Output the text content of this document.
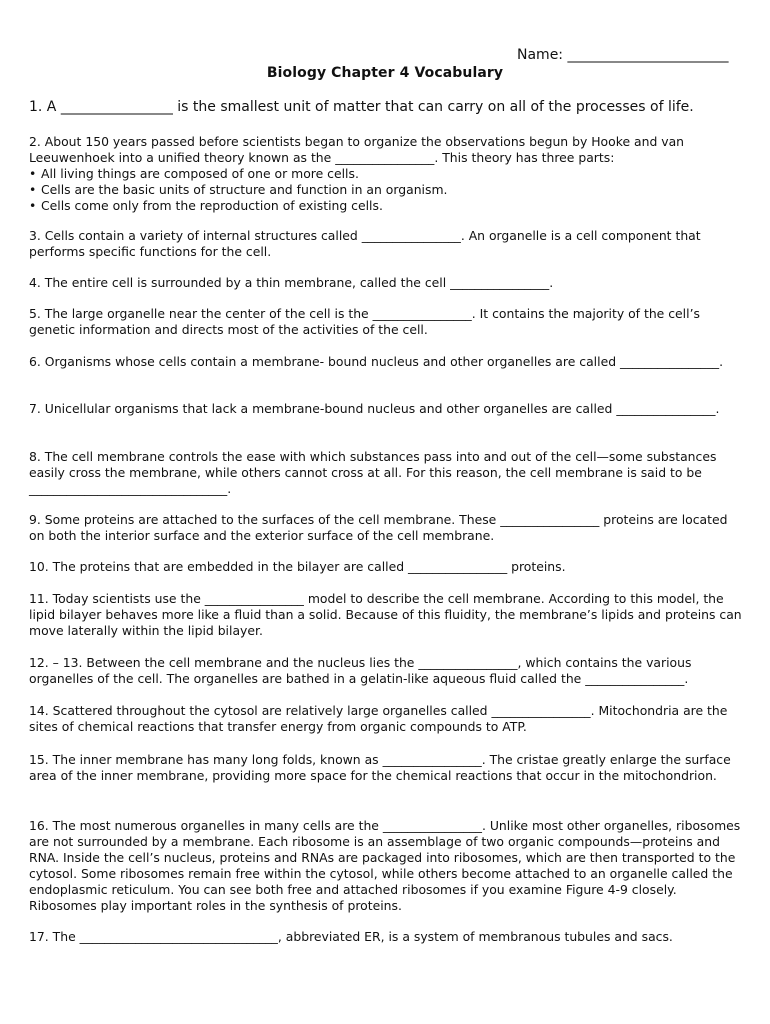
Name: _______________________
Biology Chapter 4 Vocabulary

1. A ________________ is the smallest unit of matter that can carry on all of the processes of life.

2. About 150 years passed before scientists began to organize the observations begun by Hooke and van Leeuwenhoek into a unified theory known as the ________________. This theory has three parts:
• All living things are composed of one or more cells.
• Cells are the basic units of structure and function in an organism.
• Cells come only from the reproduction of existing cells.

3. Cells contain a variety of internal structures called ________________. An organelle is a cell component that performs specific functions for the cell.

4. The entire cell is surrounded by a thin membrane, called the cell ________________.

5. The large organelle near the center of the cell is the ________________. It contains the majority of the cell’s genetic information and directs most of the activities of the cell.

6. Organisms whose cells contain a membrane- bound nucleus and other organelles are called ________________.

7. Unicellular organisms that lack a membrane-bound nucleus and other organelles are called ________________.

8. The cell membrane controls the ease with which substances pass into and out of the cell—some substances easily cross the membrane, while others cannot cross at all. For this reason, the cell membrane is said to be ________________________________.

9. Some proteins are attached to the surfaces of the cell membrane. These ________________ proteins are located on both the interior surface and the exterior surface of the cell membrane.

10. The proteins that are embedded in the bilayer are called ________________ proteins.

11. Today scientists use the ________________ model to describe the cell membrane. According to this model, the lipid bilayer behaves more like a fluid than a solid. Because of this fluidity, the membrane’s lipids and proteins can move laterally within the lipid bilayer.

12. – 13. Between the cell membrane and the nucleus lies the ________________, which contains the various organelles of the cell. The organelles are bathed in a gelatin-like aqueous fluid called the ________________.

14. Scattered throughout the cytosol are relatively large organelles called ________________. Mitochondria are the sites of chemical reactions that transfer energy from organic compounds to ATP.

15. The inner membrane has many long folds, known as ________________. The cristae greatly enlarge the surface area of the inner membrane, providing more space for the chemical reactions that occur in the mitochondrion.

16. The most numerous organelles in many cells are the ________________. Unlike most other organelles, ribosomes are not surrounded by a membrane. Each ribosome is an assemblage of two organic compounds—proteins and RNA. Inside the cell’s nucleus, proteins and RNAs are packaged into ribosomes, which are then transported to the cytosol. Some ribosomes remain free within the cytosol, while others become attached to an organelle called the endoplasmic reticulum. You can see both free and attached ribosomes if you examine Figure 4-9 closely. Ribosomes play important roles in the synthesis of proteins.

17. The ________________________________, abbreviated ER, is a system of membranous tubules and sacs.
